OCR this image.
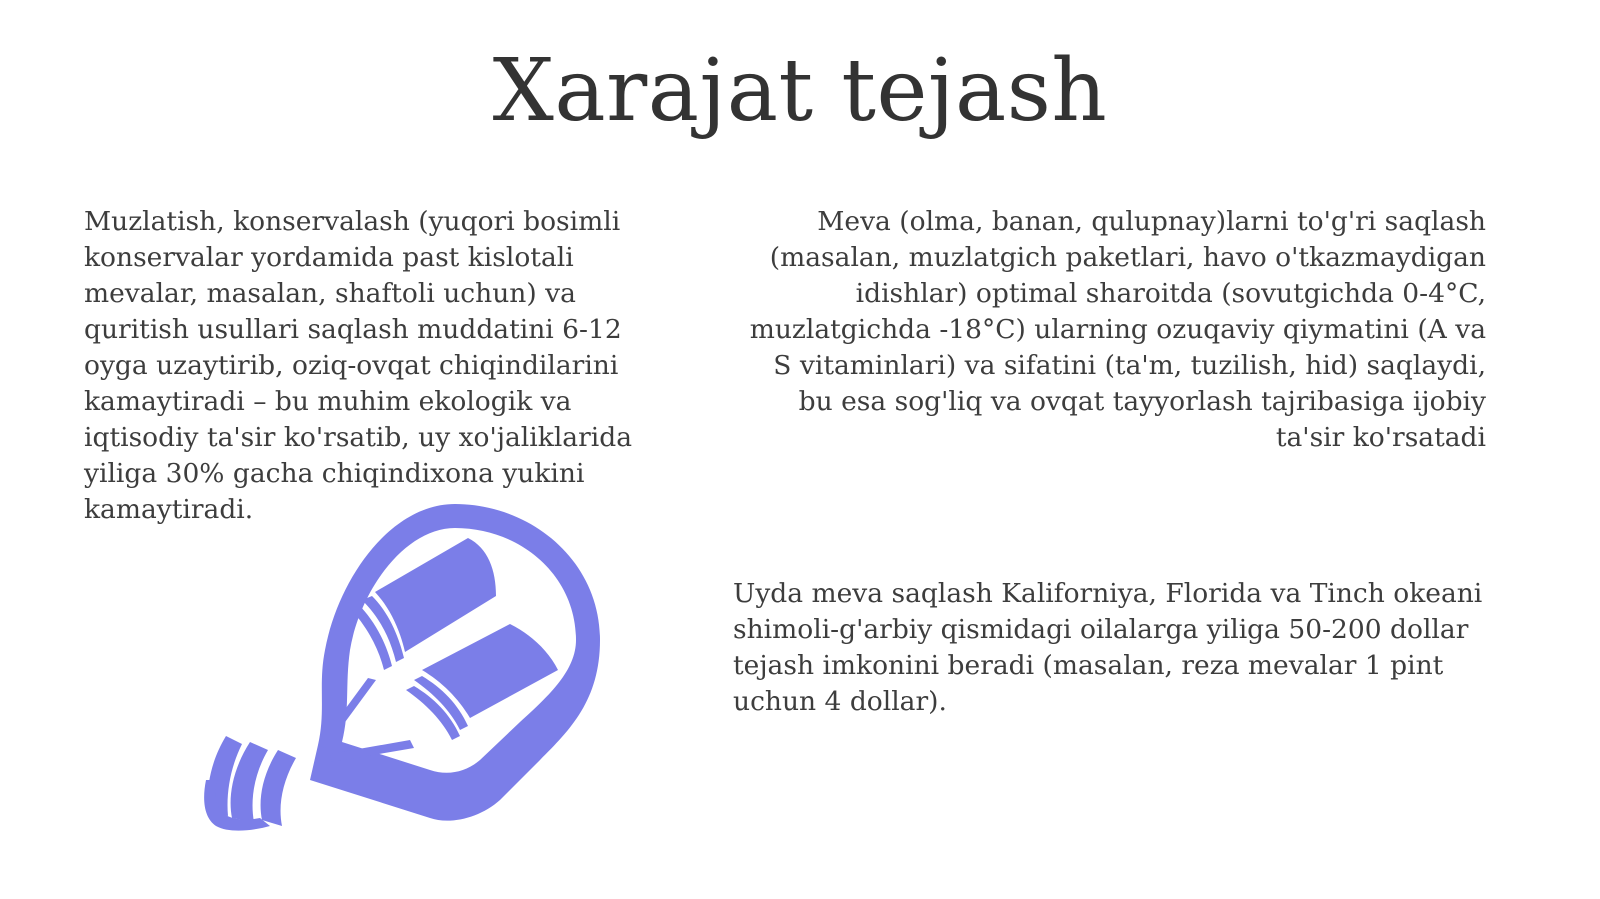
Xarajat tejash
Muzlatish, konservalash (yuqori bosimli konservalar yordamida past kislotali mevalar, masalan, shaftoli uchun) va quritish usullari saqlash muddatini 6-12 oyga uzaytirib, oziq-ovqat chiqindilarini kamaytiradi – bu muhim ekologik va iqtisodiy ta'sir ko'rsatib, uy xo'jaliklarida yiliga 30% gacha chiqindixona yukini kamaytiradi.
Meva (olma, banan, qulupnay)larni to'g'ri saqlash (masalan, muzlatgich paketlari, havo o'tkazmaydigan idishlar) optimal sharoitda (sovutgichda 0-4°C, muzlatgichda -18°C) ularning ozuqaviy qiymatini (A va S vitaminlari) va sifatini (ta'm, tuzilish, hid) saqlaydi, bu esa sog'liq va ovqat tayyorlash tajribasiga ijobiy ta'sir ko'rsatadi
Uyda meva saqlash Kaliforniya, Florida va Tinch okeani shimoli-g'arbiy qismidagi oilalarga yiliga 50-200 dollar tejash imkonini beradi (masalan, reza mevalar 1 pint uchun 4 dollar).
